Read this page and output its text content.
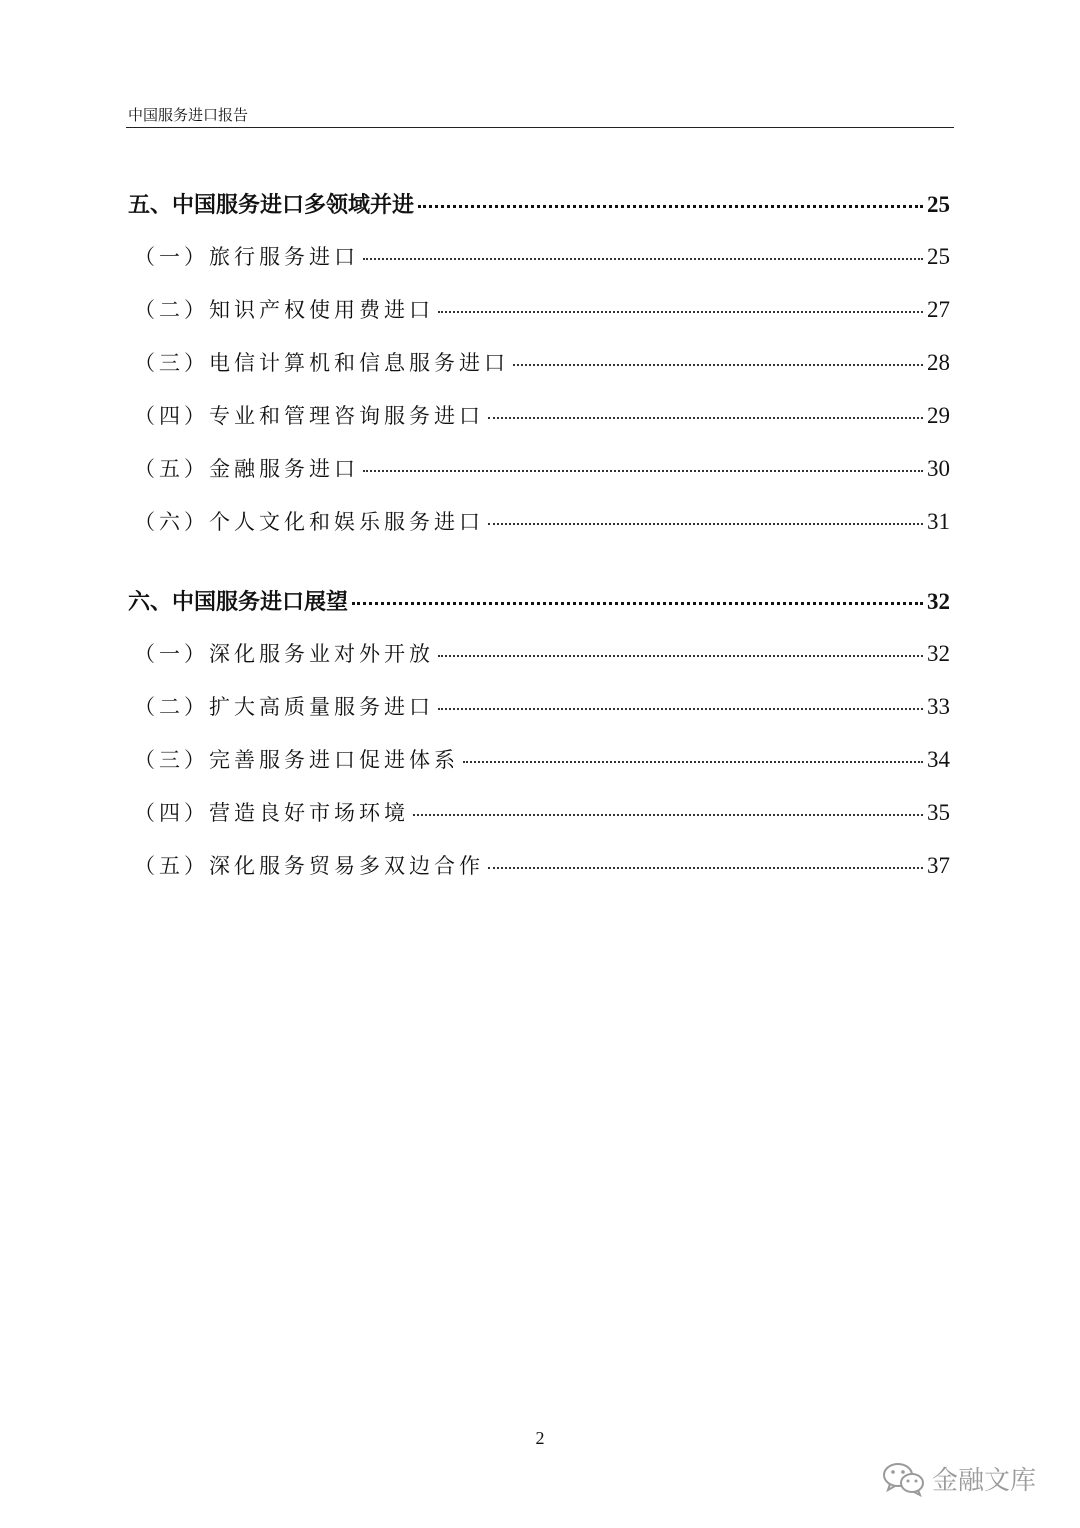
中国服务进口报告
五、中国服务进口多领域并进	25
（一）旅行服务进口	25
（二）知识产权使用费进口	27
（三）电信计算机和信息服务进口	28
（四）专业和管理咨询服务进口	29
（五）金融服务进口	30
（六）个人文化和娱乐服务进口	31
六、中国服务进口展望	32
（一）深化服务业对外开放	32
（二）扩大高质量服务进口	33
（三）完善服务进口促进体系	34
（四）营造良好市场环境	35
（五）深化服务贸易多双边合作	37
2
金融文库
